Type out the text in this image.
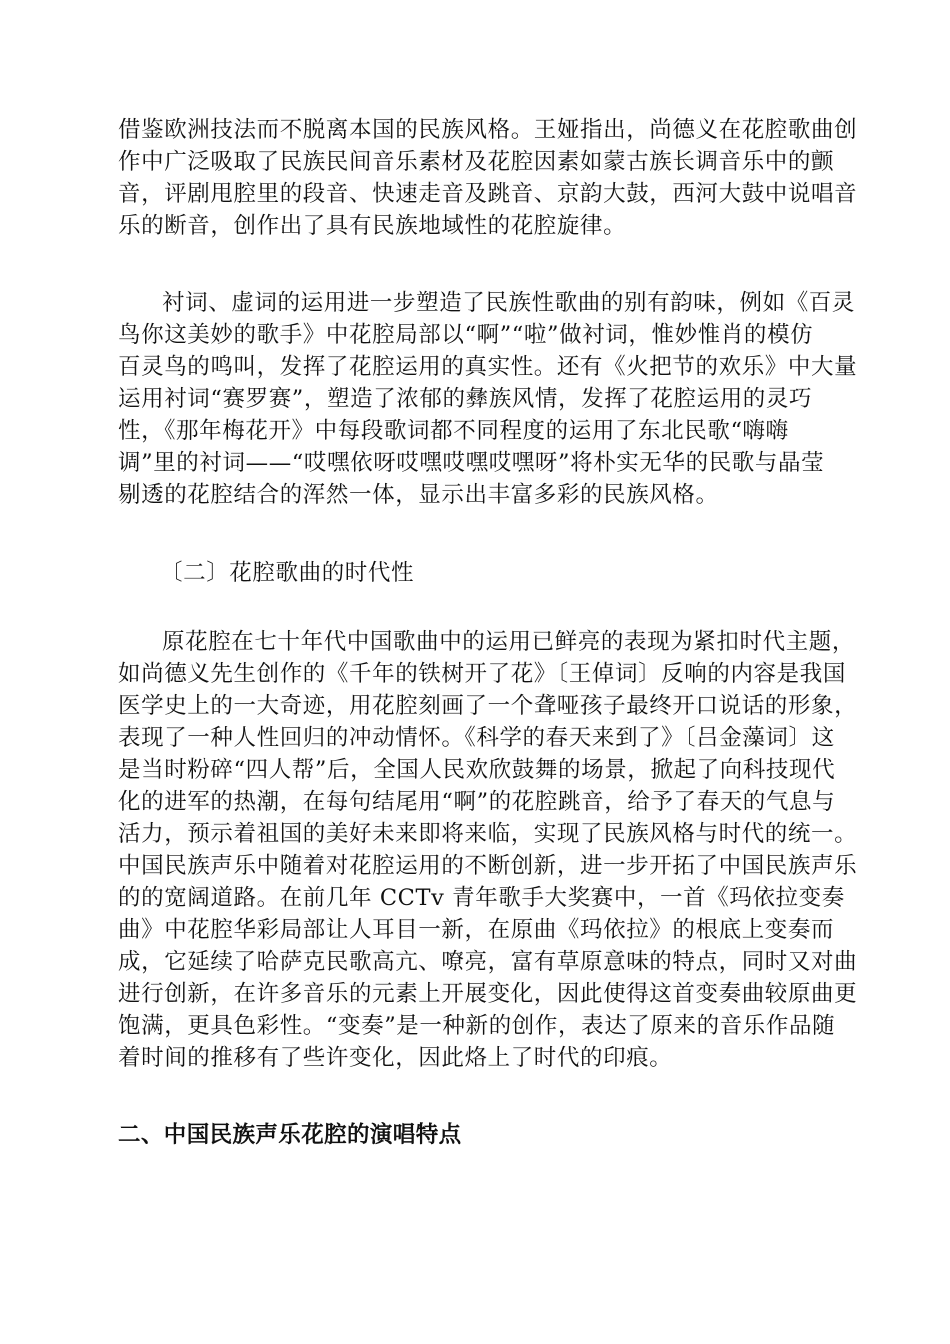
借鉴欧洲技法而不脱离本国的民族风格。王娅指出，尚德义在花腔歌曲创
作中广泛吸取了民族民间音乐素材及花腔因素如蒙古族长调音乐中的颤
音，评剧甩腔里的段音、快速走音及跳音、京韵大鼓，西河大鼓中说唱音
乐的断音，创作出了具有民族地域性的花腔旋律。
衬词、虚词的运用进一步塑造了民族性歌曲的别有韵味，例如《百灵
鸟你这美妙的歌手》中花腔局部以“啊”“啦”做衬词，惟妙惟肖的模仿
百灵鸟的鸣叫，发挥了花腔运用的真实性。还有《火把节的欢乐》中大量
运用衬词“赛罗赛”，塑造了浓郁的彝族风情，发挥了花腔运用的灵巧
性，《那年梅花开》中每段歌词都不同程度的运用了东北民歌“嗨嗨
调”里的衬词——“哎嘿依呀哎嘿哎嘿哎嘿呀”将朴实无华的民歌与晶莹
剔透的花腔结合的浑然一体，显示出丰富多彩的民族风格。
〔二〕花腔歌曲的时代性
原花腔在七十年代中国歌曲中的运用已鲜亮的表现为紧扣时代主题，
如尚德义先生创作的《千年的铁树开了花》〔王倬词〕反响的内容是我国
医学史上的一大奇迹，用花腔刻画了一个聋哑孩子最终开口说话的形象，
表现了一种人性回归的冲动情怀。《科学的春天来到了》〔吕金藻词〕这
是当时粉碎“四人帮”后，全国人民欢欣鼓舞的场景，掀起了向科技现代
化的进军的热潮，在每句结尾用“啊”的花腔跳音，给予了春天的气息与
活力，预示着祖国的美好未来即将来临，实现了民族风格与时代的统一。
中国民族声乐中随着对花腔运用的不断创新，进一步开拓了中国民族声乐
的的宽阔道路。在前几年 CCTv 青年歌手大奖赛中，一首《玛依拉变奏
曲》中花腔华彩局部让人耳目一新，在原曲《玛依拉》的根底上变奏而
成，它延续了哈萨克民歌高亢、嘹亮，富有草原意味的特点，同时又对曲
进行创新，在许多音乐的元素上开展变化，因此使得这首变奏曲较原曲更
饱满，更具色彩性。“变奏”是一种新的创作，表达了原来的音乐作品随
着时间的推移有了些许变化，因此烙上了时代的印痕。
二、中国民族声乐花腔的演唱特点
